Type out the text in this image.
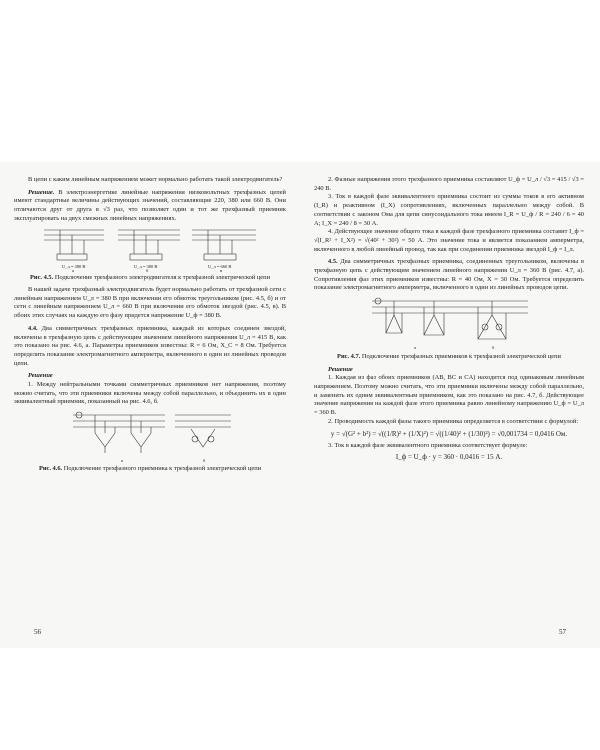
В цепи с каким линейным напряжением может нормально работать такой электродвигатель?

Решение. В электроэнергетике линейные напряжения низковольтных трехфазных цепей имеют стандартные величины действующих значений, составляющие 220, 380 или 660 В. Они отличаются друг от друга в √3 раз, что позволяет один и тот же трехфазный приемник эксплуатировать на двух смежных линейных напряжениях.

U_л = 380 В	U_л = 380 В	U_л = 660 В
а	б	в
Рис. 4.5. Подключение трехфазного электродвигателя к трехфазной электрической цепи

В нашей задаче трехфазный электродвигатель будет нормально работать от трехфазной сети с линейным напряжением U_л = 380 В при включении его обмоток треугольником (рис. 4.5, б) и от сети с линейным напряжением U_л = 660 В при включении его обмоток звездой (рис. 4.5, в). В обоих этих случаях на каждую его фазу придется напряжение U_ф = 380 В.

4.4. Два симметричных трехфазных приемника, каждый из которых соединен звездой, включены в трехфазную цепь с действующим значением линейного напряжения U_л = 415 В, как это показано на рис. 4.6, а. Параметры приемников известны: R = 6 Ом, X_C = 8 Ом. Требуется определить показание электромагнитного амперметра, включенного в один из линейных проводов цепи.

Решение

1. Между нейтральными точками симметричных приемников нет напряжения, поэтому можно считать, что эти приемники включены между собой параллельно, и объединить их в один эквивалентный приемник, показанный на рис. 4.6, б.

а	б
Рис. 4.6. Подключение трехфазного приемника к трехфазной электрической цепи
56

2. Фазные напряжения этого трехфазного приемника составляют U_ф = U_л / √3 = 415 / √3 = 240 В.

3. Ток в каждой фазе эквивалентного приемника состоит из суммы токов в его активном (I_R) и реактивном (I_X) сопротивлениях, включенных параллельно между собой. В соответствии с законом Ома для цепи синусоидального тока имеем I_R = U_ф / R = 240 / 6 = 40 А; I_X = 240 / 8 = 30 А.

4. Действующее значение общего тока в каждой фазе трехфазного приемника составит I_ф = √(I_R² + I_X²) = √(40² + 30²) = 50 А. Это значение тока и является показанием амперметра, включенного в любой линейный провод, так как при соединении приемника звездой I_ф = I_л.

4.5. Два симметричных трехфазных приемника, соединенных треугольником, включены в трехфазную цепь с действующим значением линейного напряжения U_л = 360 В (рис. 4.7, а). Сопротивления фаз этих приемников известны: R = 40 Ом, X = 30 Ом. Требуется определить показание электромагнитного амперметра, включенного в один из линейных проводов цепи.

а	б
Рис. 4.7. Подключение трехфазных приемников к трехфазной электрической цепи

Решение

1. Каждая из фаз обоих приемников (AB, BC и CA) находится под одинаковым линейным напряжением. Поэтому можно считать, что эти приемники включены между собой параллельно, и заменить их одним эквивалентным приемником, как это показано на рис. 4.7, б. Действующее значение напряжения на каждой фазе этого приемника равно линейному напряжению U_ф = U_л = 360 В.

2. Проводимость каждой фазы такого приемника определяется в соответствии с формулой:

y = √(G² + b²) = √((1/R)² + (1/X)²) = √((1/40)² + (1/30)²) = √0,001734 = 0,0416 Ом.

3. Ток в каждой фазе эквивалентного приемника соответствует формуле:

I_ф = U_ф · y = 360 · 0,0416 = 15 А.
57
